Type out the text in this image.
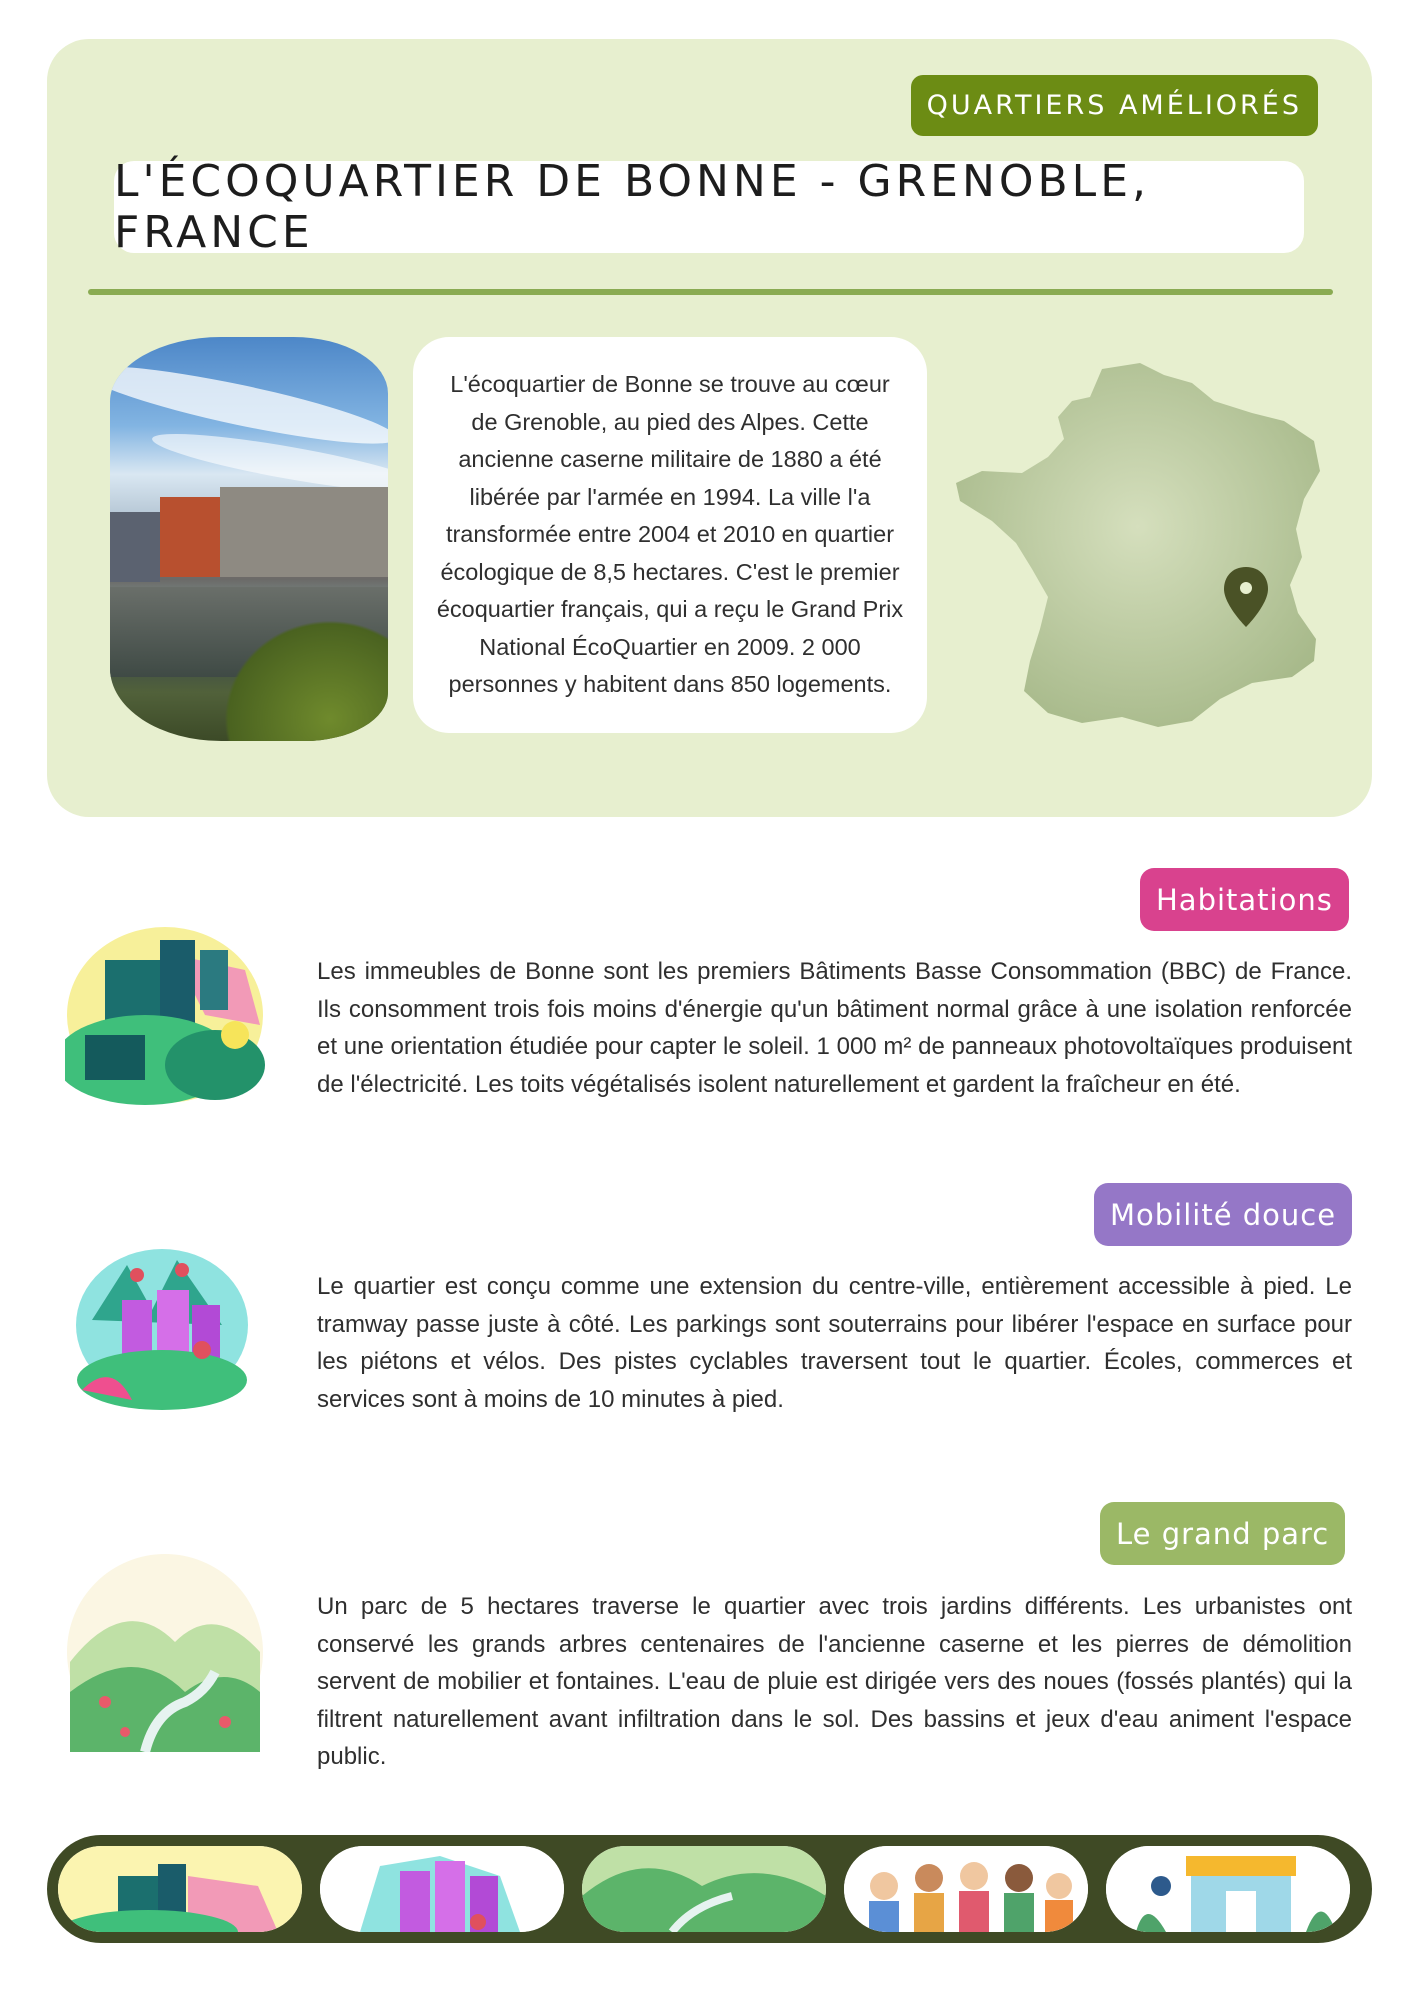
QUARTIERS AMÉLIORÉS
L'ÉCOQUARTIER DE BONNE - GRENOBLE, FRANCE

L'écoquartier de Bonne se trouve au cœur de Grenoble, au pied des Alpes. Cette ancienne caserne militaire de 1880 a été libérée par l'armée en 1994. La ville l'a transformée entre 2004 et 2010 en quartier écologique de 8,5 hectares. C'est le premier écoquartier français, qui a reçu le Grand Prix National ÉcoQuartier en 2009. 2 000 personnes y habitent dans 850 logements.

Habitations

Les immeubles de Bonne sont les premiers Bâtiments Basse Consommation (BBC) de France. Ils consomment trois fois moins d'énergie qu'un bâtiment normal grâce à une isolation renforcée et une orientation étudiée pour capter le soleil. 1 000 m² de panneaux photovoltaïques produisent de l'électricité. Les toits végétalisés isolent naturellement et gardent la fraîcheur en été.

Mobilité douce

Le quartier est conçu comme une extension du centre-ville, entièrement accessible à pied. Le tramway passe juste à côté. Les parkings sont souterrains pour libérer l'espace en surface pour les piétons et vélos. Des pistes cyclables traversent tout le quartier. Écoles, commerces et services sont à moins de 10 minutes à pied.

Le grand parc

Un parc de 5 hectares traverse le quartier avec trois jardins différents. Les urbanistes ont conservé les grands arbres centenaires de l'ancienne caserne et les pierres de démolition servent de mobilier et fontaines. L'eau de pluie est dirigée vers des noues (fossés plantés) qui la filtrent naturellement avant infiltration dans le sol. Des bassins et jeux d'eau animent l'espace public.
